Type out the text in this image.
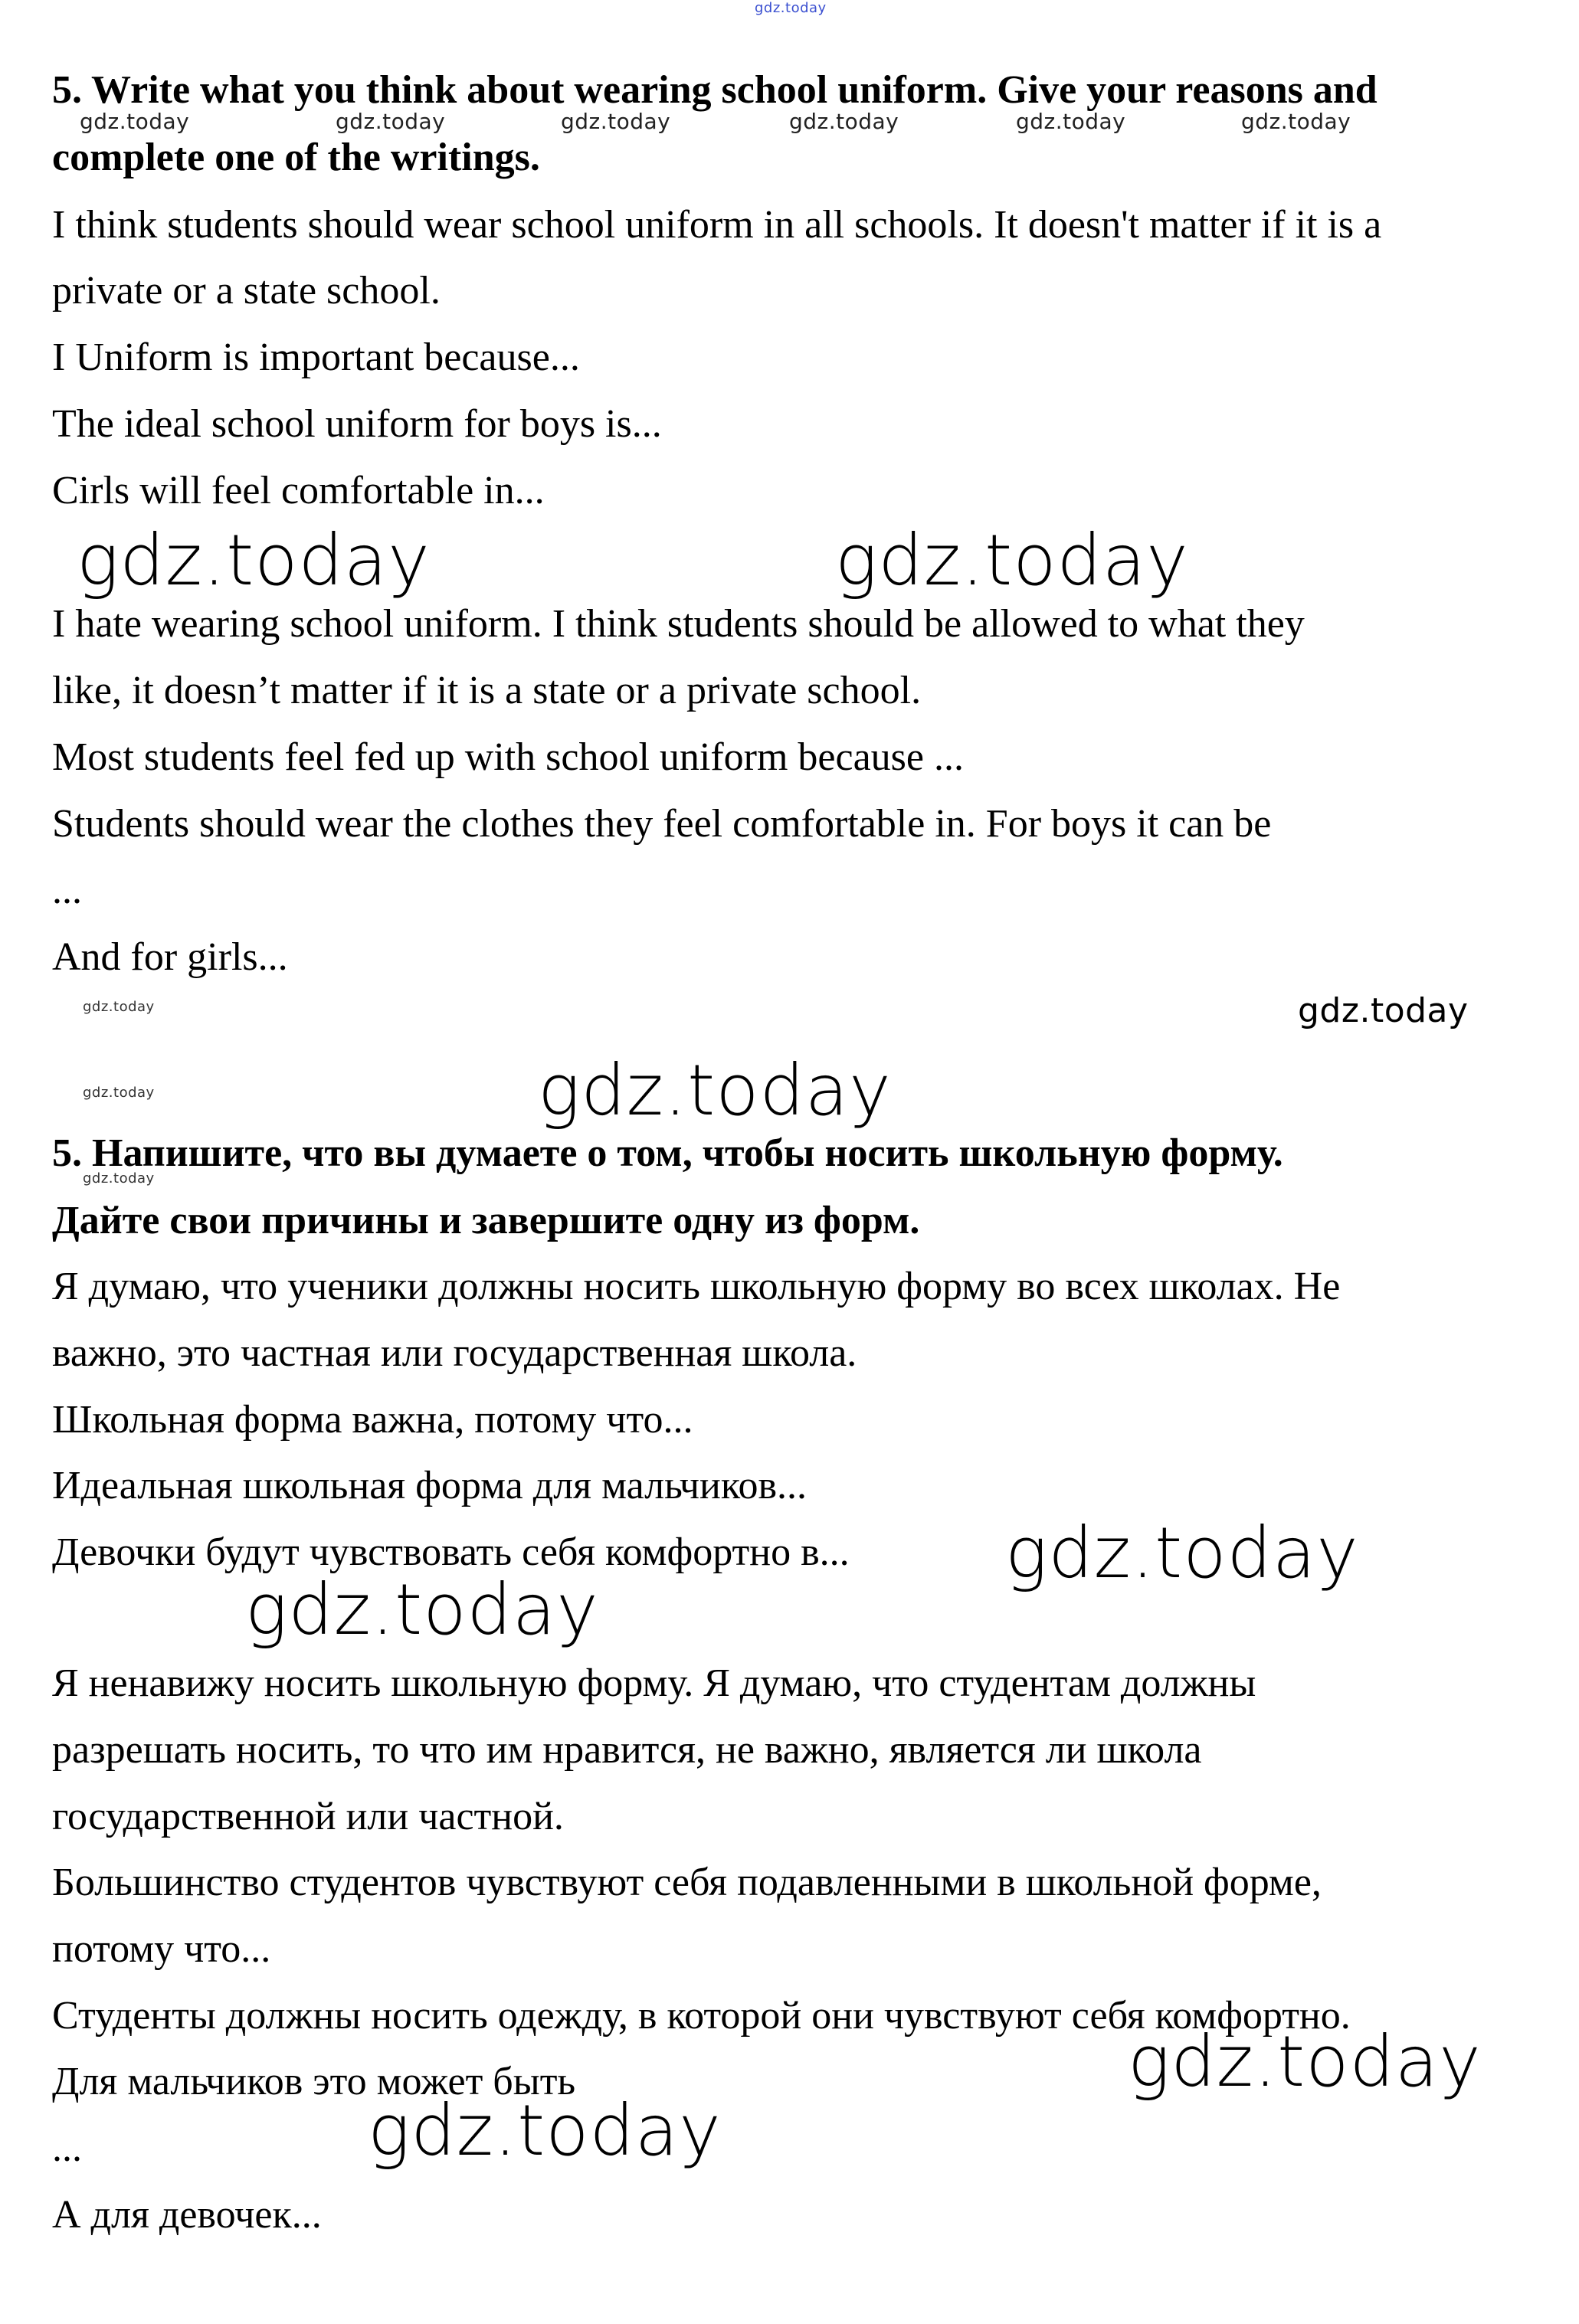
gdz.today

5. Write what you think about wearing school uniform. Give your reasons and

complete one of the writings.

gdz.today	gdz.today	gdz.today	gdz.today	gdz.today	gdz.today

I think students should wear school uniform in all schools. It doesn't matter if it is a

private or a state school.

I Uniform is important because...

The ideal school uniform for boys is...

Cirls will feel comfortable in...

gdz.today	gdz.today

I hate wearing school uniform. I think students should be allowed to what they

like, it doesn’t matter if it is a state or a private school.

Most students feel fed up with school uniform because ...

Students should wear the clothes they feel comfortable in. For boys it can be

...

And for girls...

gdz.today	gdz.today
gdz.today	gdz.today

5. Напишите, что вы думаете о том, чтобы носить школьную форму.

gdz.today

Дайте свои причины и завершите одну из форм.

Я думаю, что ученики должны носить школьную форму во всех школах. Не

важно, это частная или государственная школа.

Школьная форма важна, потому что...

Идеальная школьная форма для мальчиков...

Девочки будут чувствовать себя комфортно в... gdz.today
gdz.today

Я ненавижу носить школьную форму. Я думаю, что студентам должны

разрешать носить, то что им нравится, не важно, является ли школа

государственной или частной.

Большинство студентов чувствуют себя подавленными в школьной форме,

потому что...

Студенты должны носить одежду, в которой они чувствуют себя комфортно.

Для мальчиков это может быть	gdz.today
gdz.today

...

А для девочек...
